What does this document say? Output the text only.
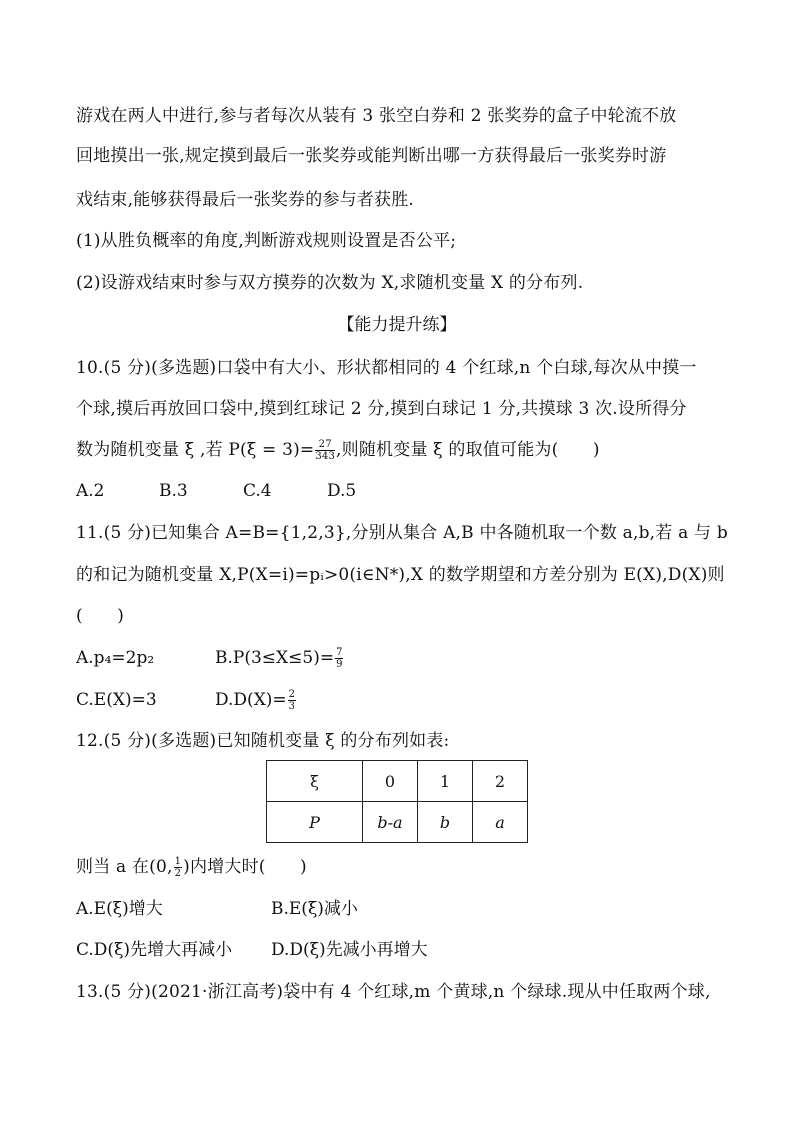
游戏在两人中进行,参与者每次从装有 3 张空白券和 2 张奖券的盒子中轮流不放
回地摸出一张,规定摸到最后一张奖券或能判断出哪一方获得最后一张奖券时游
戏结束,能够获得最后一张奖券的参与者获胜.
(1)从胜负概率的角度,判断游戏规则设置是否公平;
(2)设游戏结束时参与双方摸券的次数为 X,求随机变量 X 的分布列.
【能力提升练】
10.(5 分)(多选题)口袋中有大小、形状都相同的 4 个红球,n 个白球,每次从中摸一
个球,摸后再放回口袋中,摸到红球记 2 分,摸到白球记 1 分,共摸球 3 次.设所得分
数为随机变量 ξ ,若 $P(\xi = 3)= \frac{27}{343}$ ,则随机变量 ξ 的取值可能为(　　)
A.2	B.3	C.4	D.5
11.(5 分)已知集合 A=B={1,2,3},分别从集合 A,B 中各随机取一个数 a,b,若 a 与 b
的和记为随机变量 X,P(X=i)=pᵢ>0(i∈N*),X 的数学期望和方差分别为 E(X),D(X)则
(　　)
A.p₄=2p₂	$B.P(3\le X\le 5)= \frac{7}{9}$
C.E(X)=3	$D.D(X)= \frac{2}{3}$
12.(5 分)(多选题)已知随机变量 ξ 的分布列如表:
ξ	0	1	2
P	b-a	b	a
则当 a 在(0, $\frac{1}{2}$ )内增大时(　　)
A.E(ξ)增大	B.E(ξ)减小
C.D(ξ)先增大再减小 D.D(ξ)先减小再增大
13.(5 分)(2021·浙江高考)袋中有 4 个红球,m 个黄球,n 个绿球.现从中任取两个球,
